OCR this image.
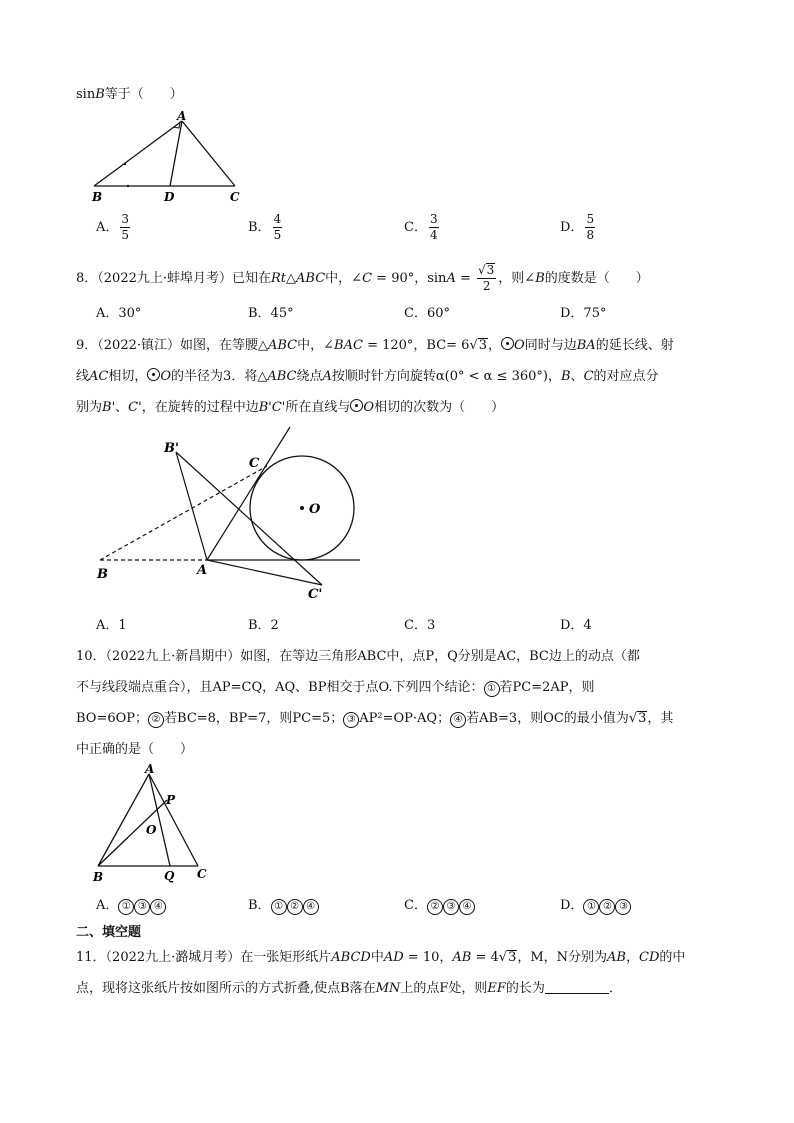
sinB等于（　　）
A
B	D	C
A． $\frac{3}{5}$	B． $\frac{4}{5}$	C． $\frac{3}{4}$	D． $\frac{5}{8}$
8．（2022九上·蚌埠月考）已知在Rt△ABC中，∠C = 90°，$\sin A = \frac{√3}{2}$ ，则∠B的度数是（　　）
A．30°	B．45°	C．60°	D．75°
9．（2022·镇江）如图，在等腰△ABC中，∠BAC = 120°，BC= 6√3， O同时与边BA的延长线、射
线AC相切， O的半径为3．将△ABC绕点A按顺时针方向旋转α(0° < α ≤ 360°)，B、C的对应点分
别为B'、C'，在旋转的过程中边B'C'所在直线与 O相切的次数为（　　）
B'
C
O
B	A
C'
A．1	B．2	C．3	D．4
10．（2022九上·新昌期中）如图，在等边三角形ABC中，点P，Q分别是AC，BC边上的动点（都
不与线段端点重合），且AP=CQ，AQ、BP相交于点O.下列四个结论： ① 若PC=2AP，则
BO=6OP； ② 若BC=8，BP=7，则PC=5； ③ AP²=OP·AQ； ④ 若AB=3，则OC的最小值为√3，其
中正确的是（　　）
A
P
O
B	Q C
A． ① ③ ④	B． ① ② ④	C． ② ③ ④	D． ① ② ③
二、填空题
11．（2022九上·潞城月考）在一张矩形纸片ABCD中AD = 10，AB = 4√3，M，N分别为AB，CD的中
点，现将这张纸片按如图所示的方式折叠,使点B落在MN上的点F处，则EF的长为	．
